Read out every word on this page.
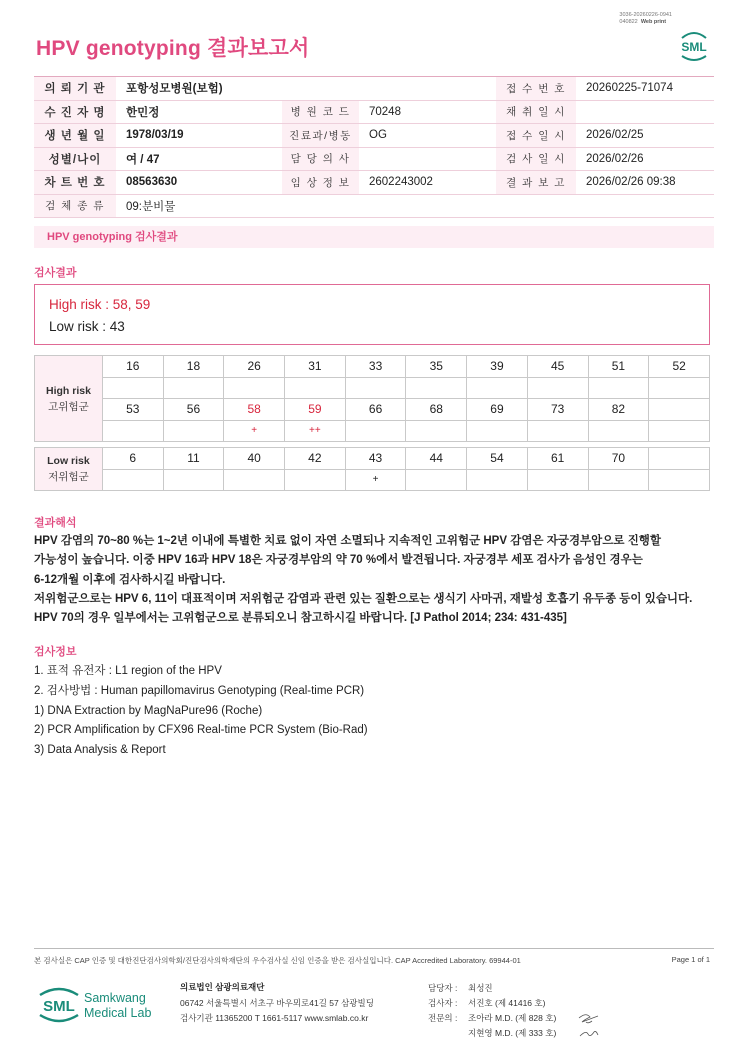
3036-20260226-0941
040822 Web print
HPV genotyping 결과보고서	SML
의 뢰 기 관	포항성모병원(보험)			접 수 번 호	20260225-71074
수 진 자 명	한민정	병 원 코 드	70248	채 취 일 시	
생 년 월 일	1978/03/19	진료과/병동	OG	접 수 일 시	2026/02/25
성별/나이	여 / 47	담 당 의 사		검 사 일 시	2026/02/26
차 트 번 호	08563630	임 상 정 보	2602243002	결 과 보 고	2026/02/26 09:38
검 체 종 류	09:분비물				
HPV genotyping 검사결과
검사결과
High risk : 58, 59
Low risk : 43
High risk
고위험군	16	18	26	31	33	35	39	45	51	52

	53	56	58	59	66	68	69	73	82	
			+	++						
Low risk
저위험군	6	11	40	42	43	44	54	61	70	
					+					
결과해석
HPV 감염의 70~80 %는 1~2년 이내에 특별한 치료 없이 자연 소멸되나 지속적인 고위험군 HPV 감염은 자궁경부암으로 진행할
가능성이 높습니다. 이중 HPV 16과 HPV 18은 자궁경부암의 약 70 %에서 발견됩니다. 자궁경부 세포 검사가 음성인 경우는
6-12개월 이후에 검사하시길 바랍니다.
저위험군으로는 HPV 6, 11이 대표적이며 저위험군 감염과 관련 있는 질환으로는 생식기 사마귀, 재발성 호흡기 유두종 등이 있습니다.
HPV 70의 경우 일부에서는 고위험군으로 분류되오니 참고하시길 바랍니다. [J Pathol 2014; 234: 431-435]
검사정보
1. 표적 유전자 : L1 region of the HPV
2. 검사방법 : Human papillomavirus Genotyping (Real-time PCR)
1) DNA Extraction by MagNaPure96 (Roche)
2) PCR Amplification by CFX96 Real-time PCR System (Bio-Rad)
3) Data Analysis & Report
본 검사실은 CAP 인증 및 대한진단검사의학회/진단검사의학재단의 우수검사실 신임 인증을 받은 검사실입니다. CAP Accredited Laboratory. 69944-01	Page 1 of 1
SML Samkwang
Medical Lab
의료법인 삼광의료재단
06742 서울특별시 서초구 바우뫼로41길 57 삼광빌딩
검사기관 11365200 T 1661-5117 www.smlab.co.kr
담당자 :	최성진
검사자 :	서진호 (제 41416 호)
전문의 :	조아라 M.D. (제 828 호)
지현영 M.D. (제 333 호)
